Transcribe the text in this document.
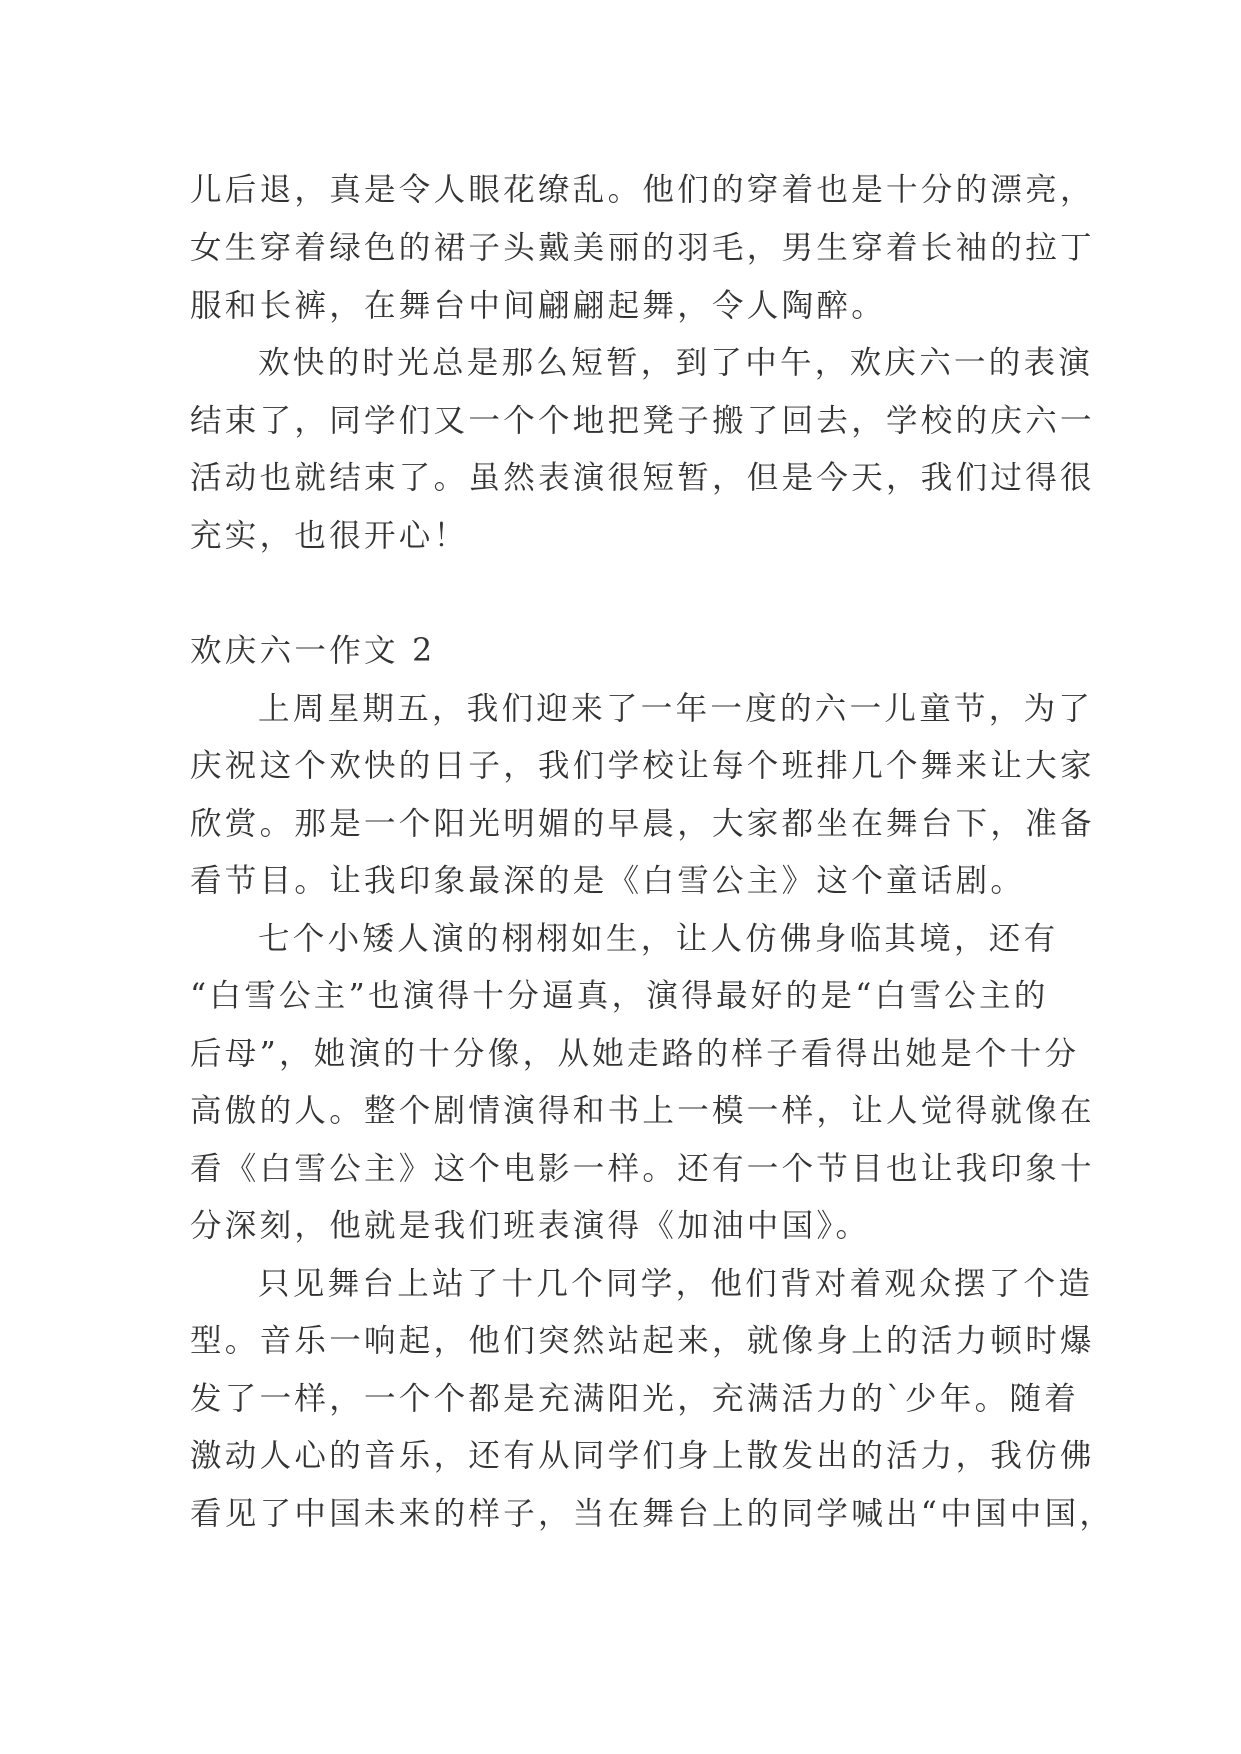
儿后退，真是令人眼花缭乱。他们的穿着也是十分的漂亮，
女生穿着绿色的裙子头戴美丽的羽毛，男生穿着长袖的拉丁
服和长裤，在舞台中间翩翩起舞，令人陶醉。
欢快的时光总是那么短暂，到了中午，欢庆六一的表演
结束了，同学们又一个个地把凳子搬了回去，学校的庆六一
活动也就结束了。虽然表演很短暂，但是今天，我们过得很
充实，也很开心！
欢庆六一作文 2
上周星期五，我们迎来了一年一度的六一儿童节，为了
庆祝这个欢快的日子，我们学校让每个班排几个舞来让大家
欣赏。那是一个阳光明媚的早晨，大家都坐在舞台下，准备
看节目。让我印象最深的是《白雪公主》这个童话剧。
七个小矮人演的栩栩如生，让人仿佛身临其境，还有
“白雪公主”也演得十分逼真，演得最好的是“白雪公主的
后母”，她演的十分像，从她走路的样子看得出她是个十分
高傲的人。整个剧情演得和书上一模一样，让人觉得就像在
看《白雪公主》这个电影一样。还有一个节目也让我印象十
分深刻，他就是我们班表演得《加油中国》。
只见舞台上站了十几个同学，他们背对着观众摆了个造
型。音乐一响起，他们突然站起来，就像身上的活力顿时爆
发了一样，一个个都是充满阳光，充满活力的`少年。随着
激动人心的音乐，还有从同学们身上散发出的活力，我仿佛
看见了中国未来的样子，当在舞台上的同学喊出“中国中国，
